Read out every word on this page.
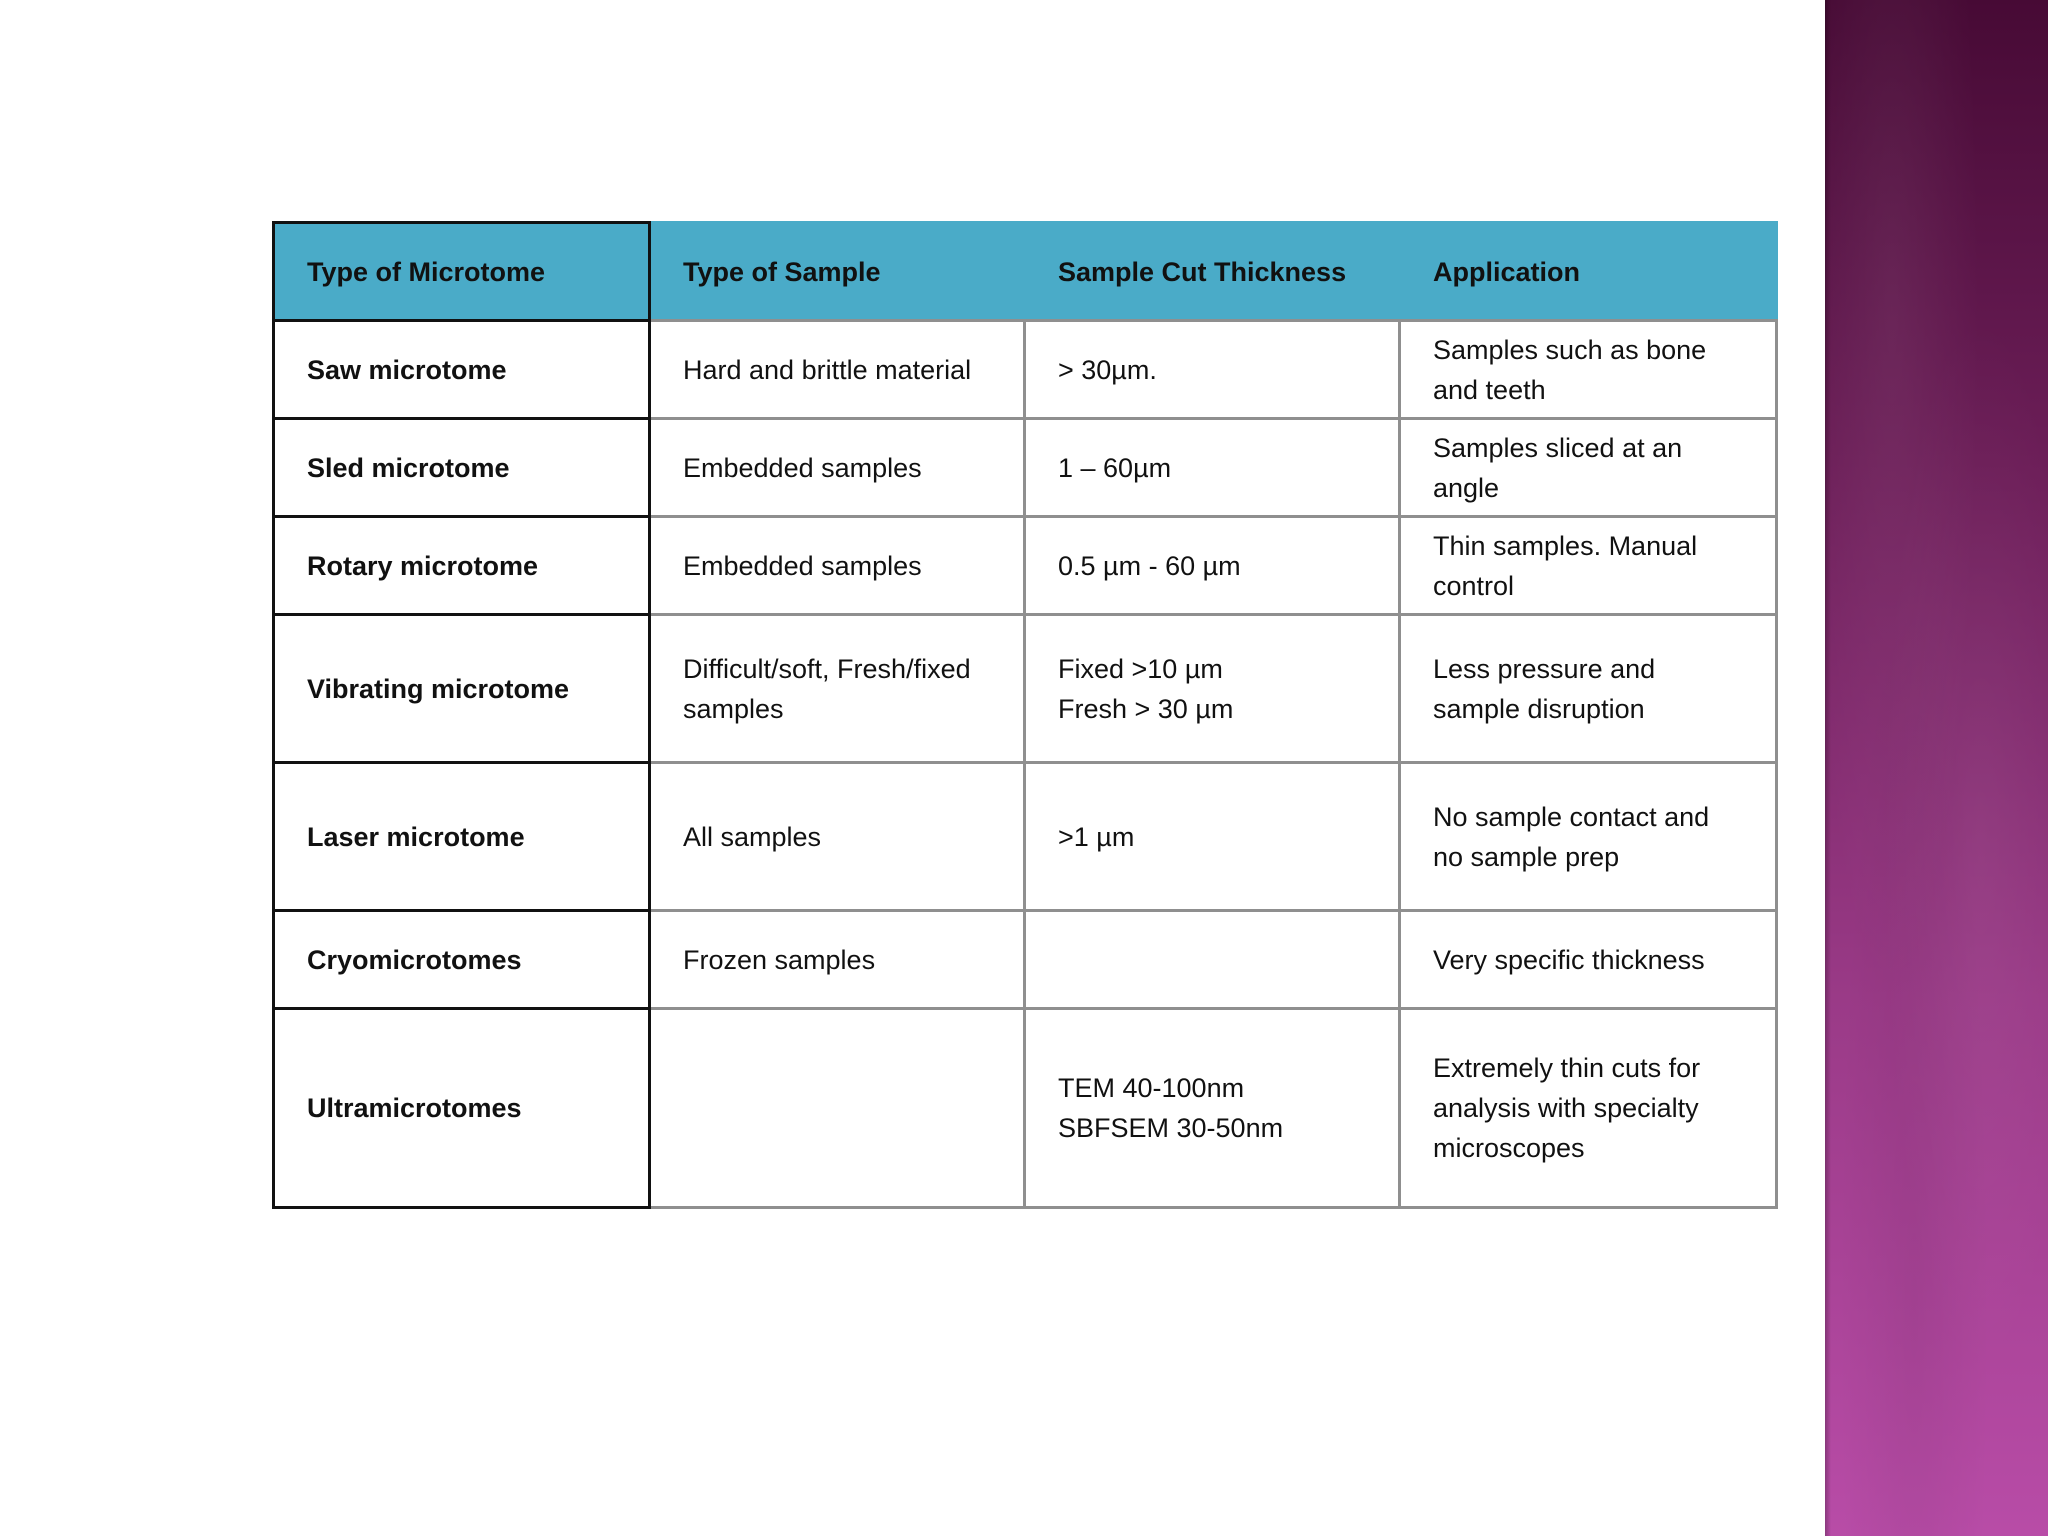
Type of Microtome	Type of Sample	Sample Cut Thickness	Application
Saw microtome	Hard and brittle material	> 30µm.	Samples such as bone
and teeth
Sled microtome	Embedded samples	1 – 60µm	Samples sliced at an
angle
Rotary microtome	Embedded samples	0.5 µm - 60 µm	Thin samples. Manual
control
Vibrating microtome	Difficult/soft, Fresh/fixed
samples	Fixed >10 µm
Fresh > 30 µm	Less pressure and
sample disruption
Laser microtome	All samples	>1 µm	No sample contact and
no sample prep
Cryomicrotomes	Frozen samples		Very specific thickness
Ultramicrotomes		TEM 40-100nm
SBFSEM 30-50nm	Extremely thin cuts for
analysis with specialty
microscopes
